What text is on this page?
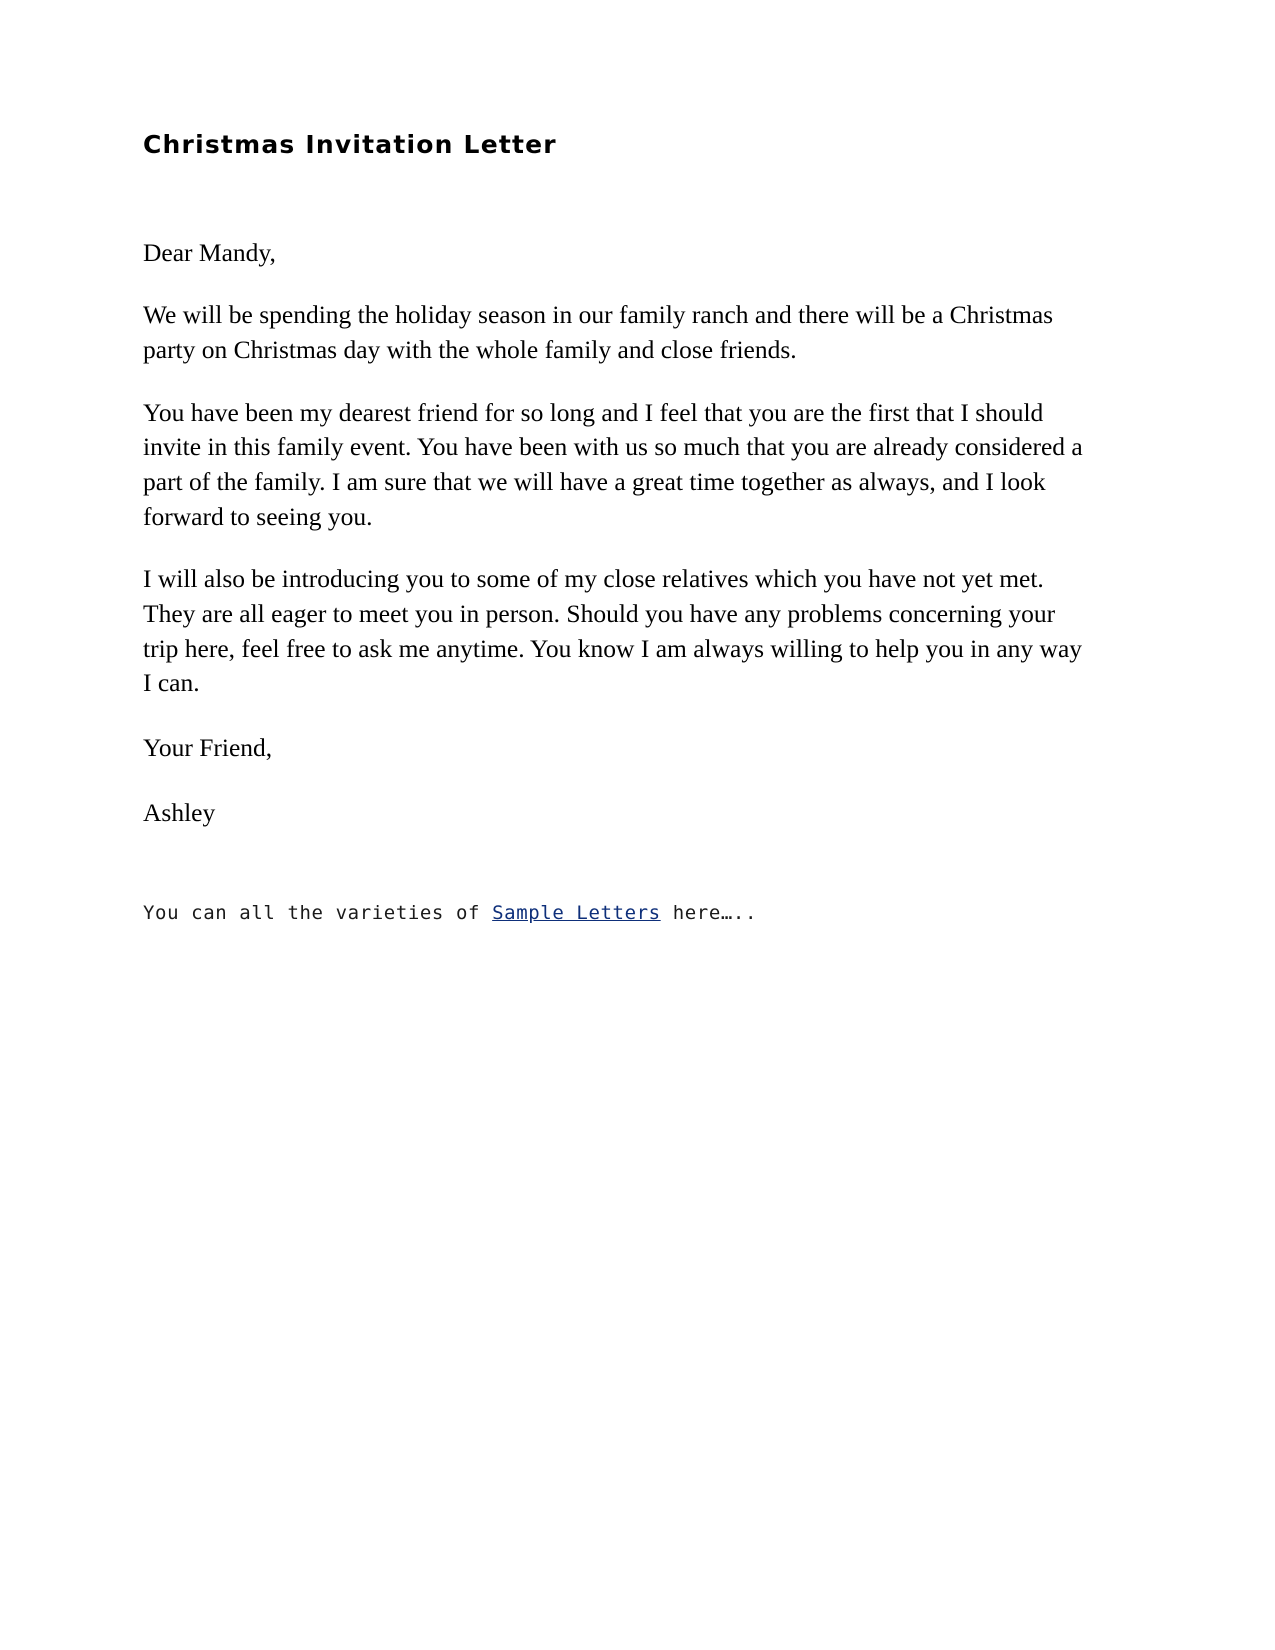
Christmas Invitation Letter

Dear Mandy,

We will be spending the holiday season in our family ranch and there will be a Christmas party on Christmas day with the whole family and close friends.

You have been my dearest friend for so long and I feel that you are the first that I should invite in this family event. You have been with us so much that you are already considered a part of the family. I am sure that we will have a great time together as always, and I look forward to seeing you.

I will also be introducing you to some of my close relatives which you have not yet met. They are all eager to meet you in person. Should you have any problems concerning your trip here, feel free to ask me anytime. You know I am always willing to help you in any way I can.

Your Friend,

Ashley

You can all the varieties of Sample Letters here…..
